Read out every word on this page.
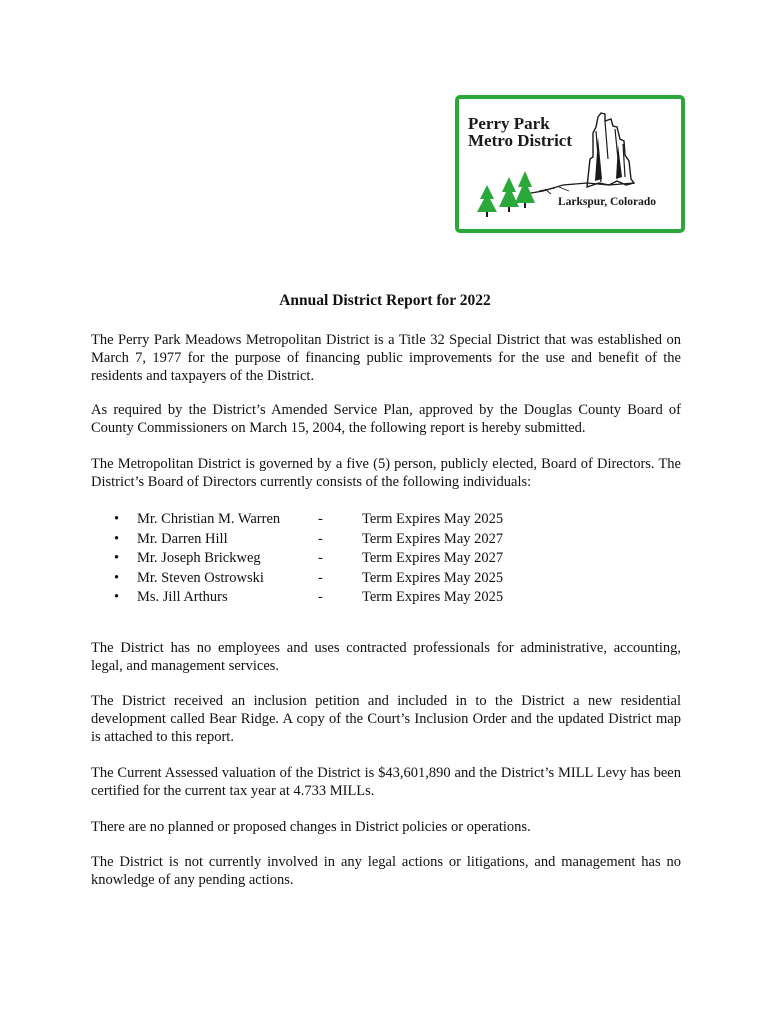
Perry Park
Metro District
Larkspur, Colorado
Annual District Report for 2022

The Perry Park Meadows Metropolitan District is a Title 32 Special District that was established on March 7, 1977 for the purpose of financing public improvements for the use and benefit of the residents and taxpayers of the District.

As required by the District’s Amended Service Plan, approved by the Douglas County Board of County Commissioners on March 15, 2004, the following report is hereby submitted.

The Metropolitan District is governed by a five (5) person, publicly elected, Board of Directors. The District’s Board of Directors currently consists of the following individuals:

• Mr. Christian M. Warren	-	Term Expires May 2025
• Mr. Darren Hill	-	Term Expires May 2027
• Mr. Joseph Brickweg	-	Term Expires May 2027
• Mr. Steven Ostrowski	-	Term Expires May 2025
• Ms. Jill Arthurs	-	Term Expires May 2025

The District has no employees and uses contracted professionals for administrative, accounting, legal, and management services.

The District received an inclusion petition and included in to the District a new residential development called Bear Ridge. A copy of the Court’s Inclusion Order and the updated District map is attached to this report.

The Current Assessed valuation of the District is $43,601,890 and the District’s MILL Levy has been certified for the current tax year at 4.733 MILLs.

There are no planned or proposed changes in District policies or operations.

The District is not currently involved in any legal actions or litigations, and management has no knowledge of any pending actions.
